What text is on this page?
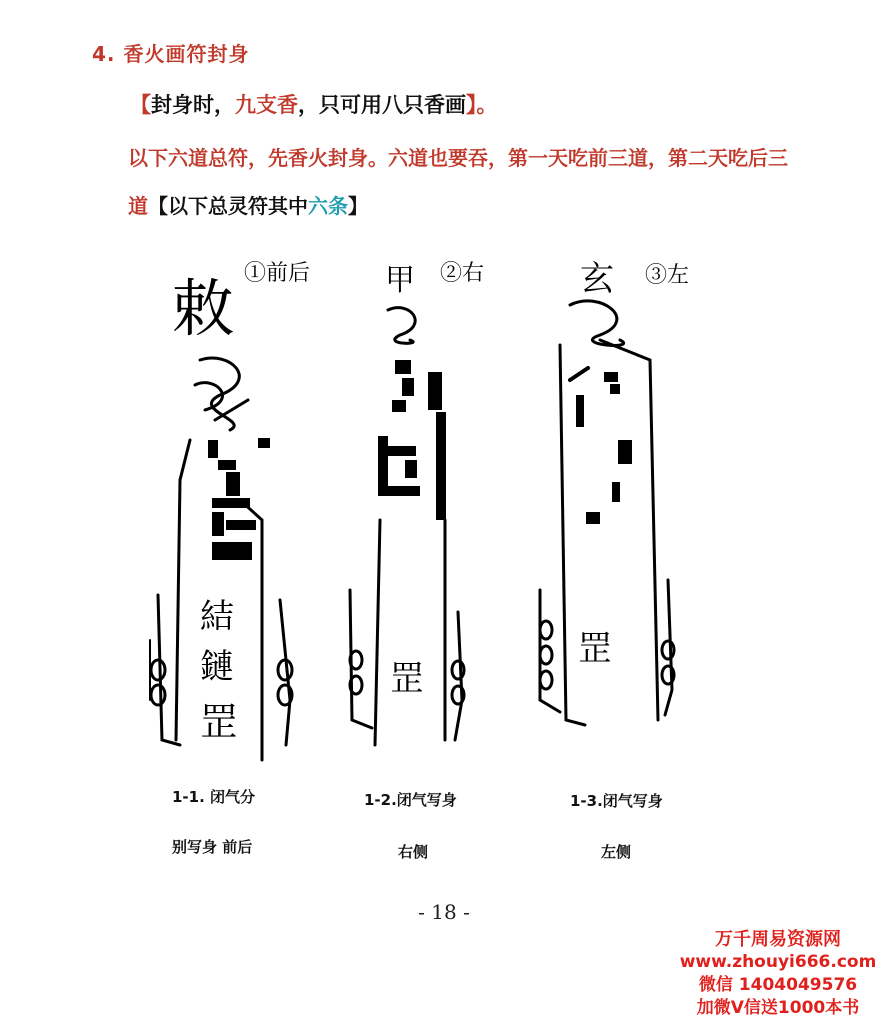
4. 香火画符封身
【封身时，九支香，只可用八只香画】。
以下六道总符，先香火封身。六道也要吞，第一天吃前三道，第二天吃后三
道【以下总灵符其中六条】
①前后
敕
結
鏈
罡
②右
甲
罡
③左
玄
罡
1-1. 闭气分
别写身 前后
1-2.闭气写身
右侧
1-3.闭气写身
左侧
- 18 -
万千周易资源网
www.zhouyi666.com
微信 1404049576
加微V信送1000本书
